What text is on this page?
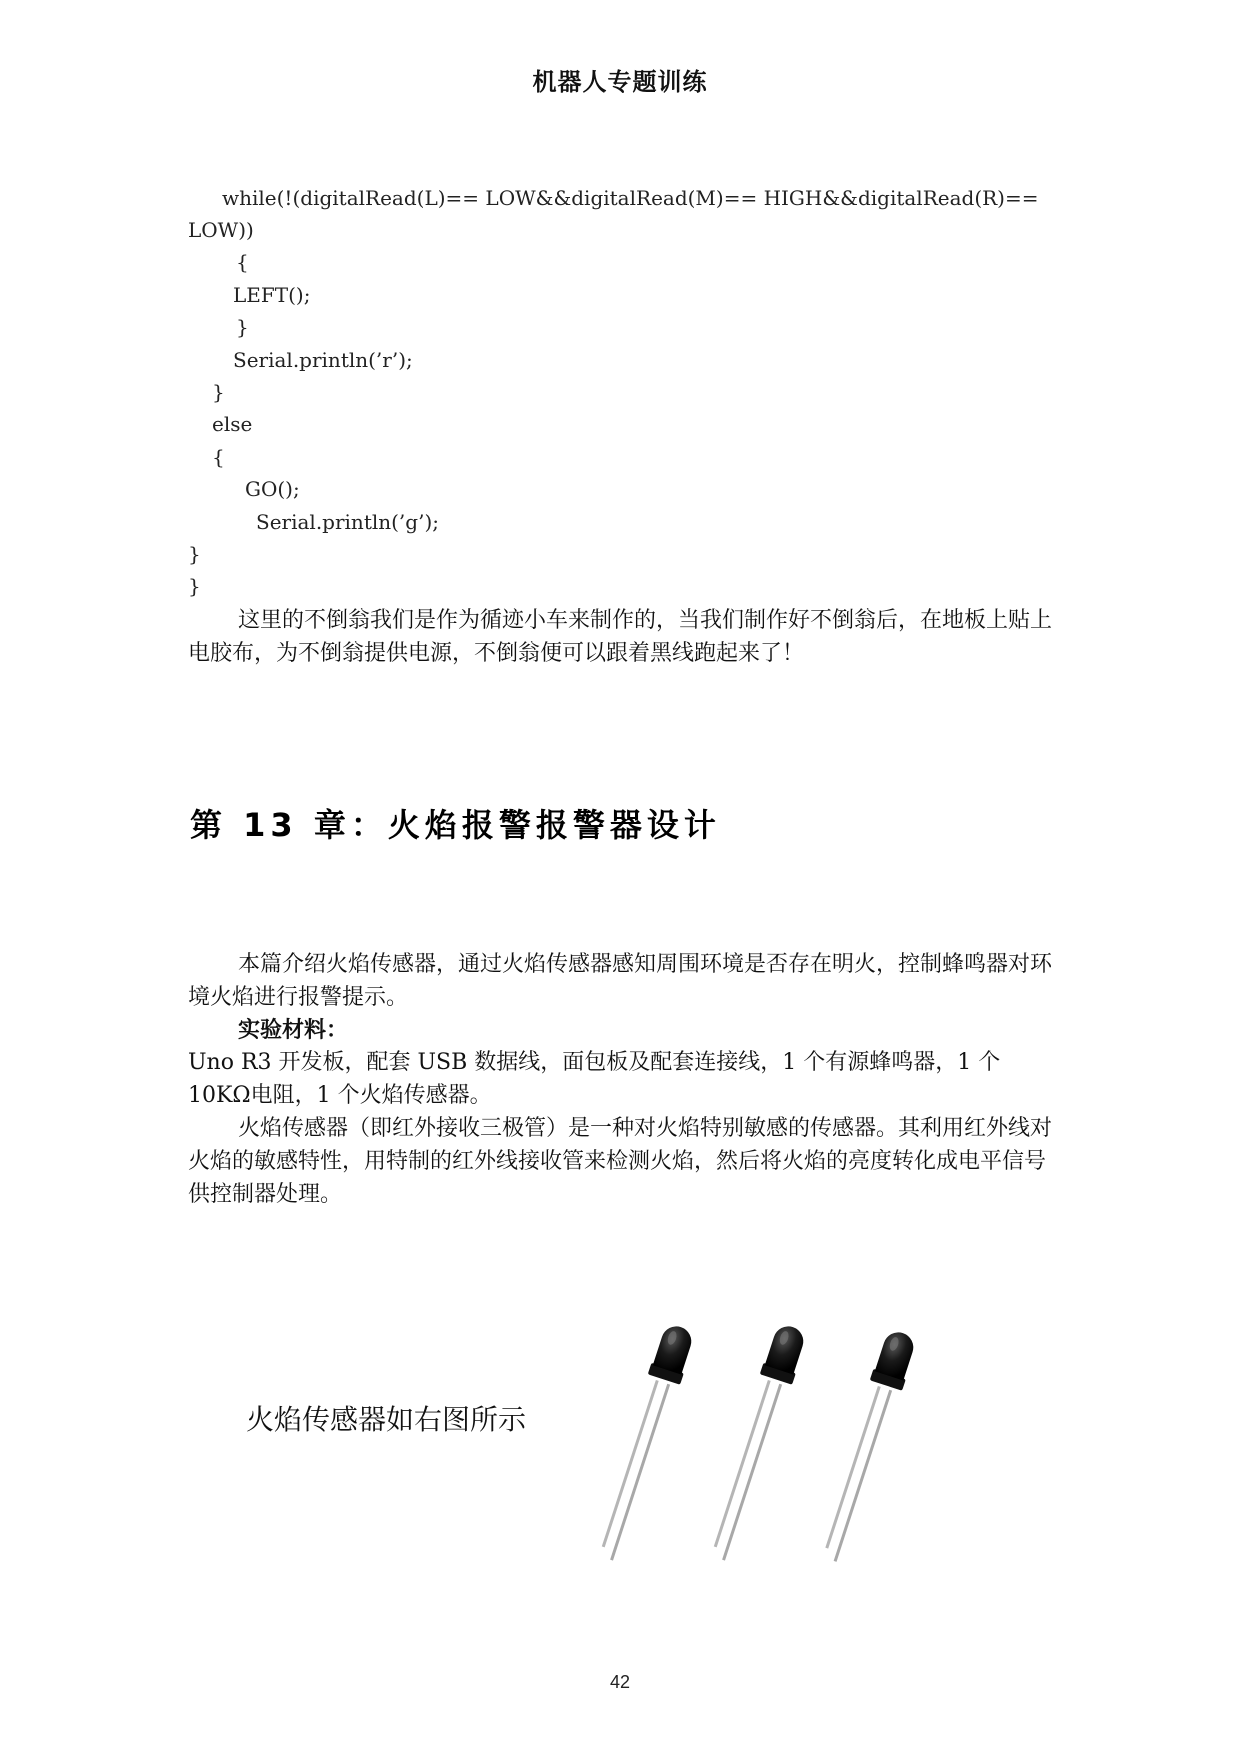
机器人专题训练
while(!(digitalRead(L)== LOW&&digitalRead(M)== HIGH&&digitalRead(R)==
LOW))
{
LEFT();
}
Serial.println(’r’);
}
else
{
GO();
Serial.println(’g’);
}
}
这里的不倒翁我们是作为循迹小车来制作的，当我们制作好不倒翁后，在地板上贴上电胶布，为不倒翁提供电源，不倒翁便可以跟着黑线跑起来了！
第 13 章：火焰报警报警器设计
本篇介绍火焰传感器，通过火焰传感器感知周围环境是否存在明火，控制蜂鸣器对环境火焰进行报警提示。
实验材料：
Uno R3 开发板，配套 USB 数据线，面包板及配套连接线，1 个有源蜂鸣器，1 个 10KΩ电阻，1 个火焰传感器。
火焰传感器（即红外接收三极管）是一种对火焰特别敏感的传感器。其利用红外线对火焰的敏感特性，用特制的红外线接收管来检测火焰，然后将火焰的亮度转化成电平信号供控制器处理。
火焰传感器如右图所示
42
